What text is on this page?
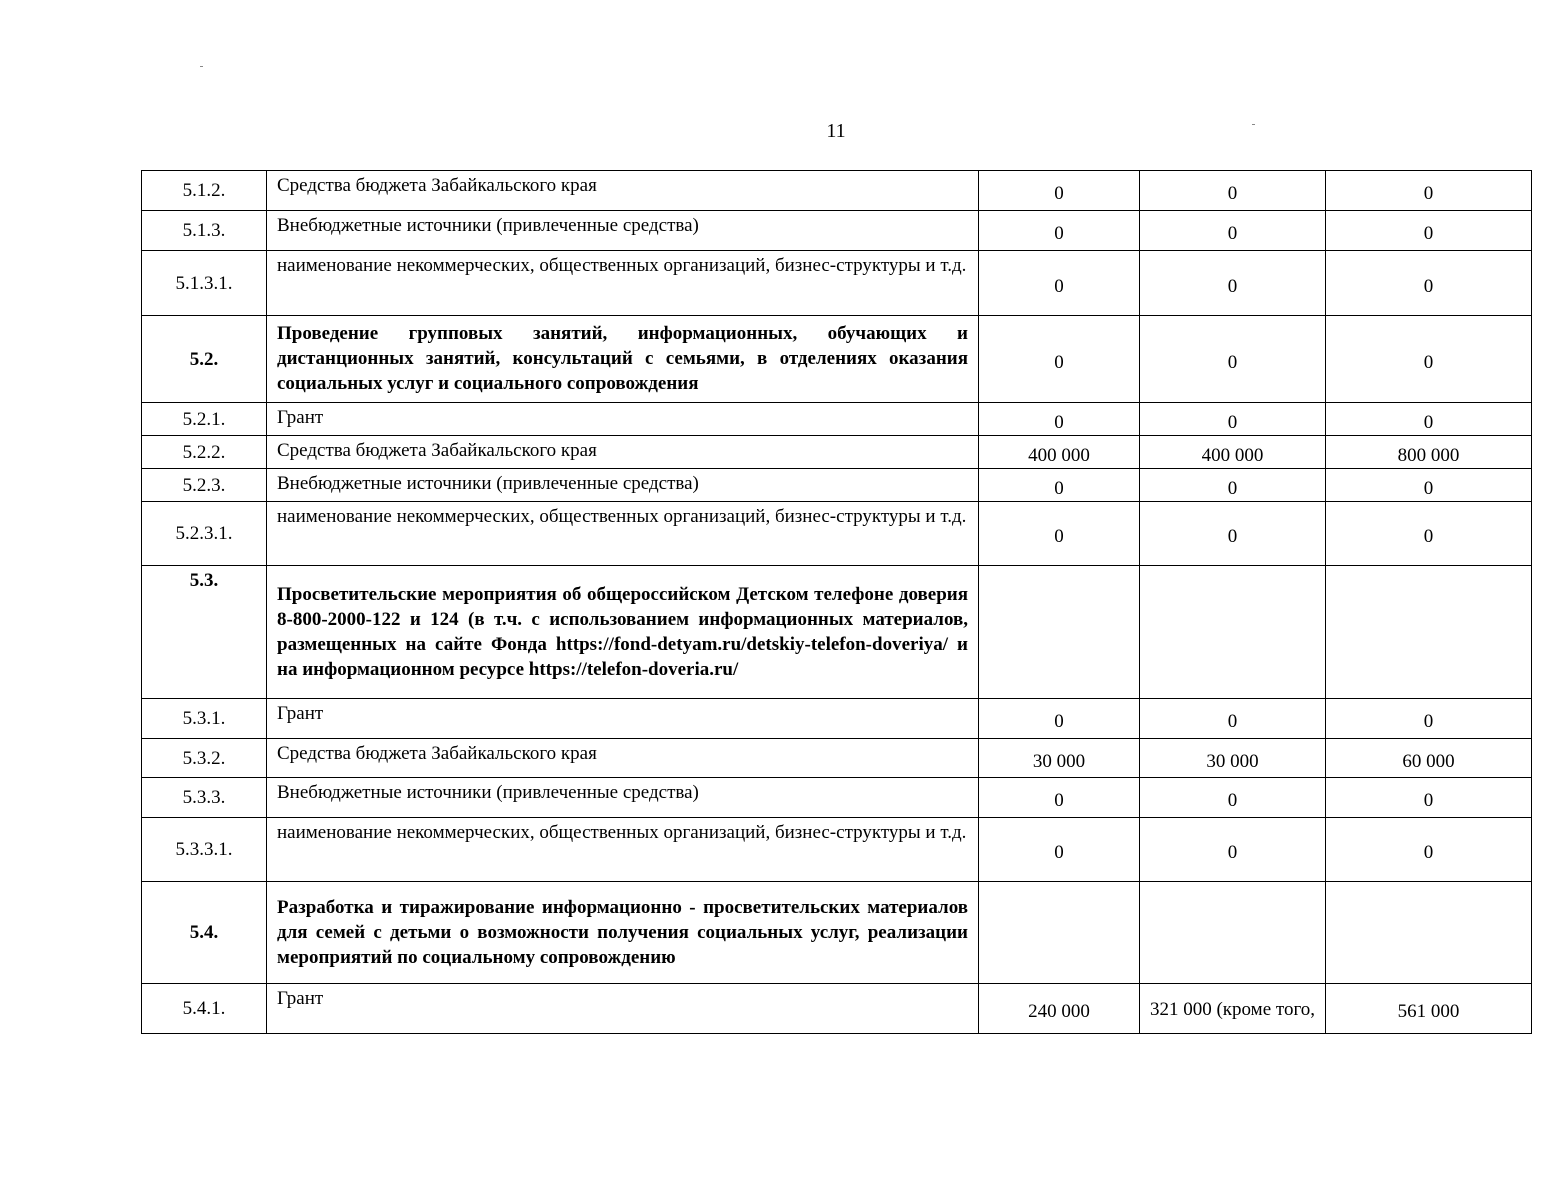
11
5.1.2.	Средства бюджета Забайкальского края	0	0	0
5.1.3.	Внебюджетные источники (привлеченные средства)	0	0	0
5.1.3.1.	наименование некоммерческих, общественных организаций, бизнес-структуры и т.д.	0	0	0
5.2.	Проведение групповых занятий, информационных, обучающих и дистанционных занятий, консультаций с семьями, в отделениях оказания социальных услуг и социального сопровождения	0	0	0
5.2.1.	Грант	0	0	0
5.2.2.	Средства бюджета Забайкальского края	400 000	400 000	800 000
5.2.3.	Внебюджетные источники (привлеченные средства)	0	0	0
5.2.3.1.	наименование некоммерческих, общественных организаций, бизнес-структуры и т.д.	0	0	0
5.3.	Просветительские мероприятия об общероссийском Детском телефоне доверия 8-800-2000-122 и 124 (в т.ч. с использованием информационных материалов, размещенных на сайте Фонда https://fond-detyam.ru/detskiy-telefon-doveriya/ и на информационном ресурсе https://telefon-doveria.ru/			
5.3.1.	Грант	0	0	0
5.3.2.	Средства бюджета Забайкальского края	30 000	30 000	60 000
5.3.3.	Внебюджетные источники (привлеченные средства)	0	0	0
5.3.3.1.	наименование некоммерческих, общественных организаций, бизнес-структуры и т.д.	0	0	0
5.4.	Разработка и тиражирование информационно - просветительских материалов для семей с детьми о возможности получения социальных услуг, реализации мероприятий по социальному сопровождению			
5.4.1.	Грант	240 000	321 000 (кроме того,	561 000
